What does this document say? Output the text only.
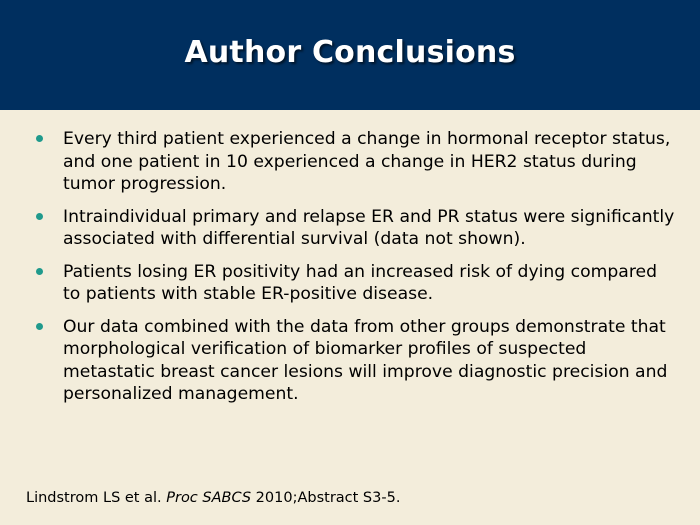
Author Conclusions
Every third patient experienced a change in hormonal receptor status, and one patient in 10 experienced a change in HER2 status during tumor progression.
Intraindividual primary and relapse ER and PR status were significantly associated with differential survival (data not shown).
Patients losing ER positivity had an increased risk of dying compared to patients with stable ER-positive disease.
Our data combined with the data from other groups demonstrate that morphological verification of biomarker profiles of suspected metastatic breast cancer lesions will improve diagnostic precision and personalized management.
Lindstrom LS et al. Proc SABCS 2010;Abstract S3-5.
